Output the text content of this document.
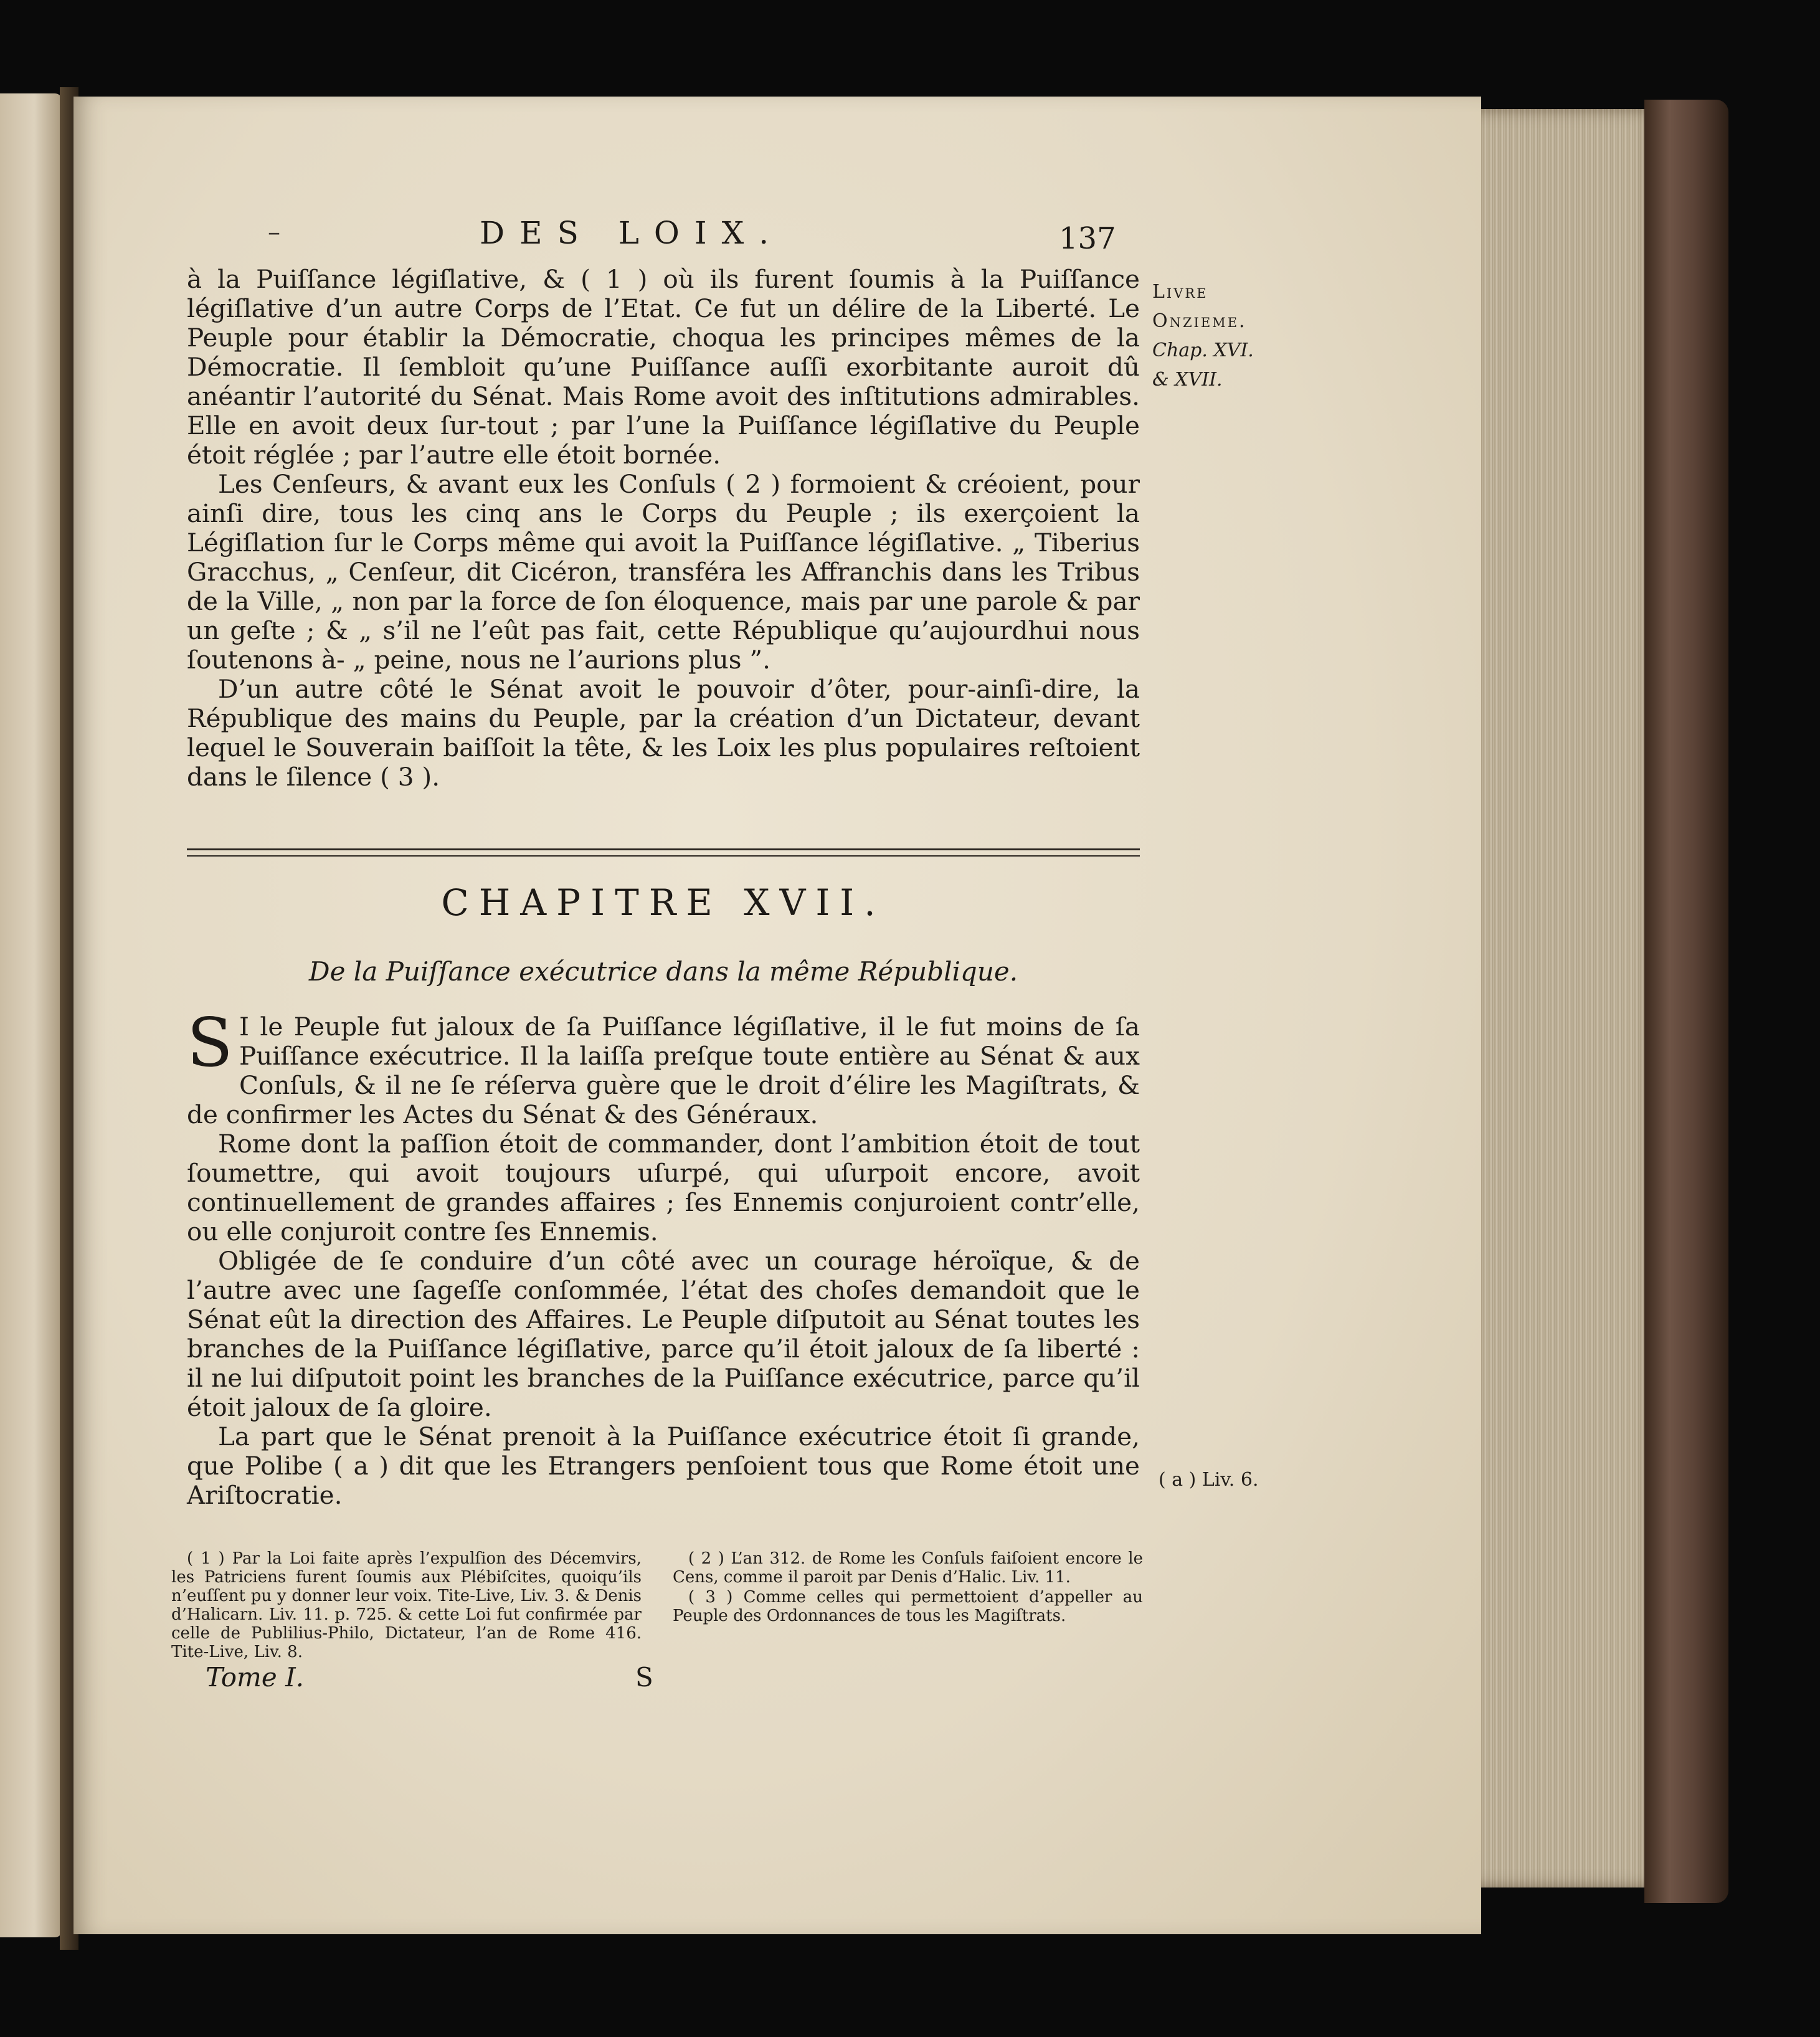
–	DES LOIX.	137
Livre
Onzieme.
Chap. XVI.
& XVII.

à la Puiſſance légiſlative, & ( 1 ) où ils furent ſoumis à la Puiſſance légiſlative d’un autre Corps de l’Etat. Ce fut un délire de la Liberté. Le Peuple pour établir la Démocratie, choqua les principes mêmes de la Démocratie. Il ſembloit qu’une Puiſſance auſſi exorbitante auroit dû anéantir l’autorité du Sénat. Mais Rome avoit des inſtitutions admirables. Elle en avoit deux ſur-tout ; par l’une la Puiſſance légiſlative du Peuple étoit réglée ; par l’autre elle étoit bornée.

Les Cenſeurs, & avant eux les Conſuls ( 2 ) formoient & créoient, pour ainſi dire, tous les cinq ans le Corps du Peuple ; ils exerçoient la Légiſlation ſur le Corps même qui avoit la Puiſſance légiſlative. „ Tiberius Gracchus, „ Cenſeur, dit Cicéron, transféra les Affranchis dans les Tribus de la Ville, „ non par la force de ſon éloquence, mais par une parole & par un geſte ; & „ s’il ne l’eût pas fait, cette République qu’aujourdhui nous ſoutenons à- „ peine, nous ne l’aurions plus ”.

D’un autre côté le Sénat avoit le pouvoir d’ôter, pour-ainſi-dire, la République des mains du Peuple, par la création d’un Dictateur, devant lequel le Souverain baiſſoit la tête, & les Loix les plus populaires reſtoient dans le ſilence ( 3 ).

CHAPITRE XVII.
De la Puiſſance exécutrice dans la même République.

S I le Peuple fut jaloux de ſa Puiſſance légiſlative, il le fut moins de ſa Puiſſance exécutrice. Il la laiſſa preſque toute entière au Sénat & aux Conſuls, & il ne ſe réſerva guère que le droit d’élire les Magiſtrats, & de confirmer les Actes du Sénat & des Généraux.

Rome dont la paſſion étoit de commander, dont l’ambition étoit de tout ſoumettre, qui avoit toujours uſurpé, qui uſurpoit encore, avoit continuellement de grandes affaires ; ſes Ennemis conjuroient contr’elle, ou elle conjuroit contre ſes Ennemis.

Obligée de ſe conduire d’un côté avec un courage héroïque, & de l’autre avec une ſageſſe conſommée, l’état des choſes demandoit que le Sénat eût la direction des Affaires. Le Peuple diſputoit au Sénat toutes les branches de la Puiſſance légiſlative, parce qu’il étoit jaloux de ſa liberté : il ne lui diſputoit point les branches de la Puiſſance exécutrice, parce qu’il étoit jaloux de ſa gloire.

La part que le Sénat prenoit à la Puiſſance exécutrice étoit ſi grande, que Polibe ( a ) dit que les Etrangers penſoient tous que Rome étoit une Ariſtocratie.

( a ) Liv. 6.

( 1 ) Par la Loi faite après l’expulſion des Décemvirs, les Patriciens furent ſoumis aux Plébiſcites, quoiqu’ils n’euſſent pu y donner leur voix. Tite-Live, Liv. 3. & Denis d’Halicarn. Liv. 11. p. 725. & cette Loi fut confirmée par celle de Publilius-Philo, Dictateur, l’an de Rome 416. Tite-Live, Liv. 8.

( 2 ) L’an 312. de Rome les Conſuls faiſoient encore le Cens, comme il paroit par Denis d’Halic. Liv. 11.

( 3 ) Comme celles qui permettoient d’appeller au Peuple des Ordonnances de tous les Magiſtrats.

Tome I.	S
